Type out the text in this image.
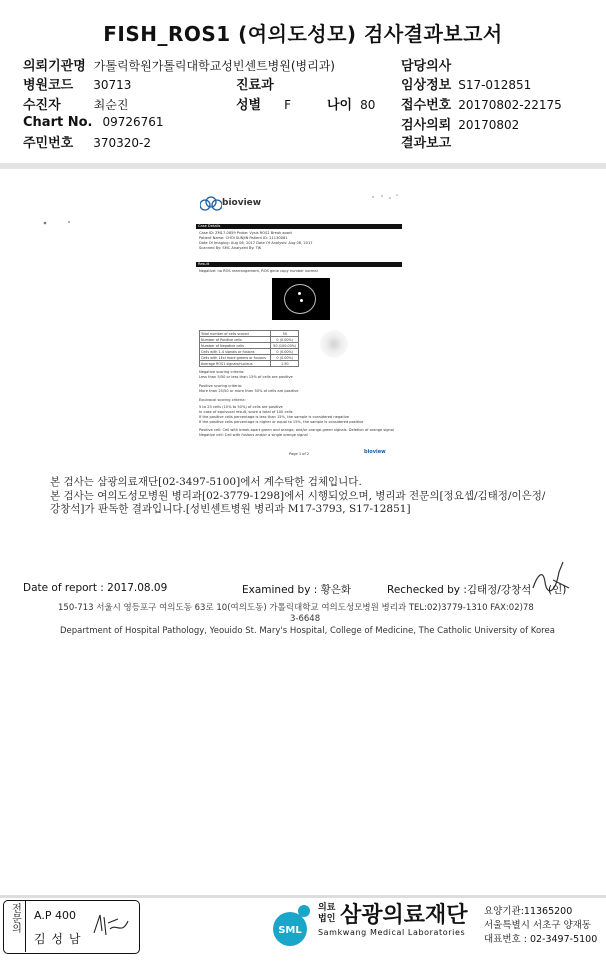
FISH_ROS1 (여의도성모) 검사결과보고서
의뢰기관명 가톨릭학원가톨릭대학교성빈센트병원(병리과)	담당의사
병원코드 30713	진료과	임상정보 S17-012851
수진자	최순진	성별 F	나이 80 접수번호 20170802-22175
Chart No. 09726761	검사의뢰 20170802
주민번호 370320-2	결과보고
bioview
Case Details
Case ID: ZM17-0859 Probe: Vysis ROS1 Break apart
Patient Name: CHOI SUNJIN Patient ID: 21130081
Date Of Imaging: Aug 08, 2017 Date Of Analysis: Aug 08, 2017
Scanned By: SMC Analyzed By: TJK
Result
Negative: no ROS rearrangement, ROS gene copy number normal
Total number of cells scored	50
Number of Positive cells	0 (0.00%)
Number of Negative cells	50 (100.00%)
Cells with 1-4 signals or fusions	0 (0.00%)
Cells with 1Exl more greens or fusions	0 (0.00%)
Average ROS1 signals/nucleus	1.50
Negative scoring criteria:
Less than 5/50 or less than 15% of cells are positive
Positive scoring criteria:
More than 25/50 or more than 50% of cells are positive
Equivocal scoring criteria:
5 to 25 cells (10% to 50%) of cells are positive
In case of equivocal result, score a total of 100 cells
If the positive cells percentage is less than 15%, the sample is considered negative
If the positive cells percentage is higher or equal to 15%, the sample is considered positive
Positive cell: Cell with break-apart green and orange, and/or orange-green signals. Deletion of orange signal
Negative cell: Cell with fusions and/or a single orange signal
bioview
Page 1 of 2
본 검사는 삼광의료재단[02-3497-5100]에서 계수탁한 검체입니다.
본 검사는 여의도성모병원 병리과[02-3779-1298]에서 시행되었으며, 병리과 전문의[정요셉/김태정/이은정/
강창석]가 판독한 결과입니다.[성빈센트병원 병리과 M17-3793, S17-12851]
Date of report : 2017.08.09	Examined by : 황은화	Rechecked by :김태정/강창석 (인)
150-713 서울시 영등포구 여의도동 63로 10(여의도동) 가톨릭대학교 여의도성모병원 병리과 TEL:02)3779-1310 FAX:02)78
3-6648
Department of Hospital Pathology, Yeouido St. Mary's Hospital, College of Medicine, The Catholic University of Korea
전문의	A.P 400
김 성 남
SML
의료
법인 삼광의료재단
Samkwang Medical Laboratories
요양기관:11365200
서울특별시 서초구 양재동
대표번호 : 02-3497-5100
